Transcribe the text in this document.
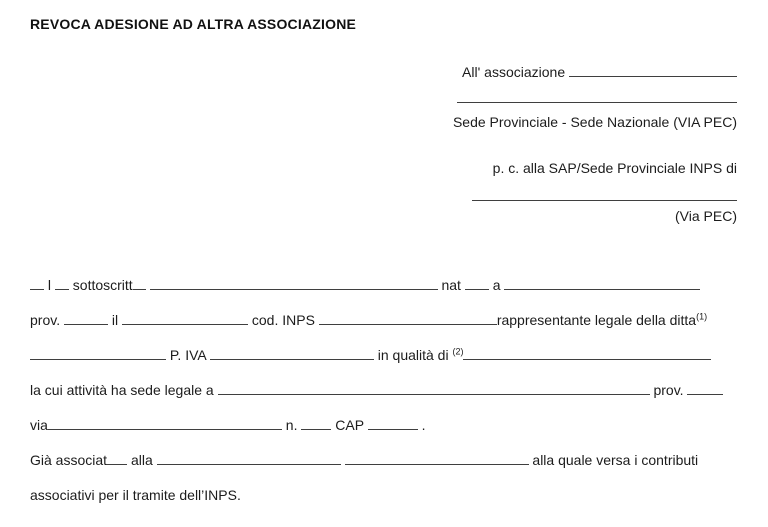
REVOCA ADESIONE AD ALTRA ASSOCIAZIONE
All' associazione
Sede Provinciale - Sede Nazionale (VIA PEC)
p. c. alla SAP/Sede Provinciale INPS di
(Via PEC)
l sottoscritt	nat a
prov.	il	cod. INPS	rappresentante legale della ditta$^{(1)}$
P. IVA	in qualità di $^{(2)}$
la cui attività ha sede legale a	prov.
via	n.	CAP	.
Già associat alla	alla quale versa i contributi
associativi per il tramite dell’INPS.
